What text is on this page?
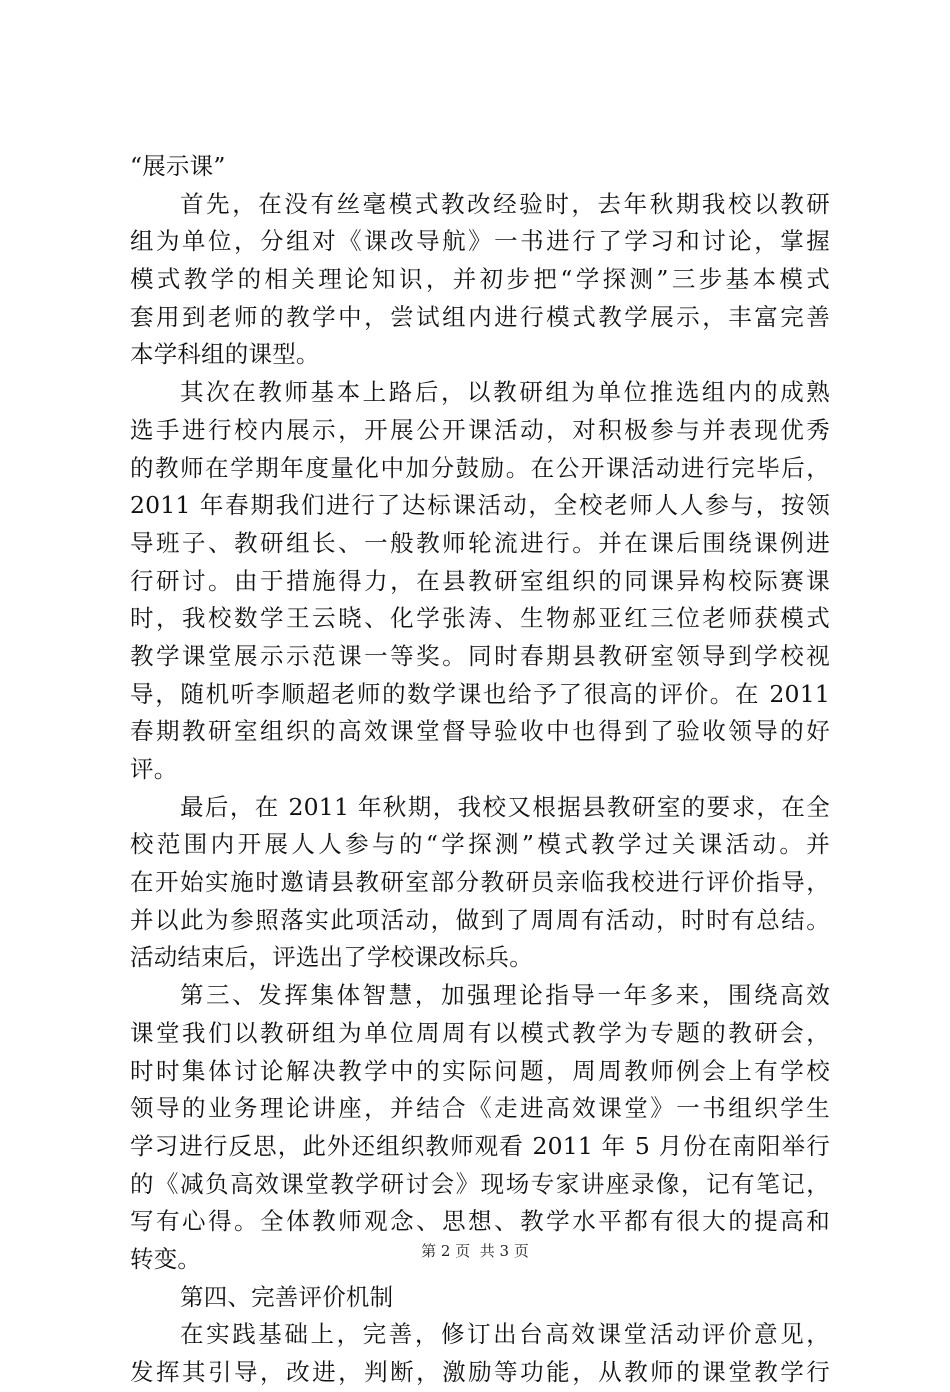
“展示课”
首先，在没有丝毫模式教改经验时，去年秋期我校以教研
组为单位，分组对《课改导航》一书进行了学习和讨论，掌握
模式教学的相关理论知识，并初步把“学探测”三步基本模式
套用到老师的教学中，尝试组内进行模式教学展示，丰富完善
本学科组的课型。
其次在教师基本上路后，以教研组为单位推选组内的成熟
选手进行校内展示，开展公开课活动，对积极参与并表现优秀
的教师在学期年度量化中加分鼓励。在公开课活动进行完毕后，
2011 年春期我们进行了达标课活动，全校老师人人参与，按领
导班子、教研组长、一般教师轮流进行。并在课后围绕课例进
行研讨。由于措施得力，在县教研室组织的同课异构校际赛课
时，我校数学王云晓、化学张涛、生物郝亚红三位老师获模式
教学课堂展示示范课一等奖。同时春期县教研室领导到学校视
导，随机听李顺超老师的数学课也给予了很高的评价。在 2011
春期教研室组织的高效课堂督导验收中也得到了验收领导的好
评。
最后，在 2011 年秋期，我校又根据县教研室的要求，在全
校范围内开展人人参与的“学探测”模式教学过关课活动。并
在开始实施时邀请县教研室部分教研员亲临我校进行评价指导，
并以此为参照落实此项活动，做到了周周有活动，时时有总结。
活动结束后，评选出了学校课改标兵。
第三、发挥集体智慧，加强理论指导一年多来，围绕高效
课堂我们以教研组为单位周周有以模式教学为专题的教研会，
时时集体讨论解决教学中的实际问题，周周教师例会上有学校
领导的业务理论讲座，并结合《走进高效课堂》一书组织学生
学习进行反思，此外还组织教师观看 2011 年 5 月份在南阳举行
的《减负高效课堂教学研讨会》现场专家讲座录像，记有笔记，
写有心得。全体教师观念、思想、教学水平都有很大的提高和
转变。
第四、完善评价机制
在实践基础上，完善，修订出台高效课堂活动评价意见，
发挥其引导，改进，判断，激励等功能，从教师的课堂教学行
第 2 页  共 3 页
